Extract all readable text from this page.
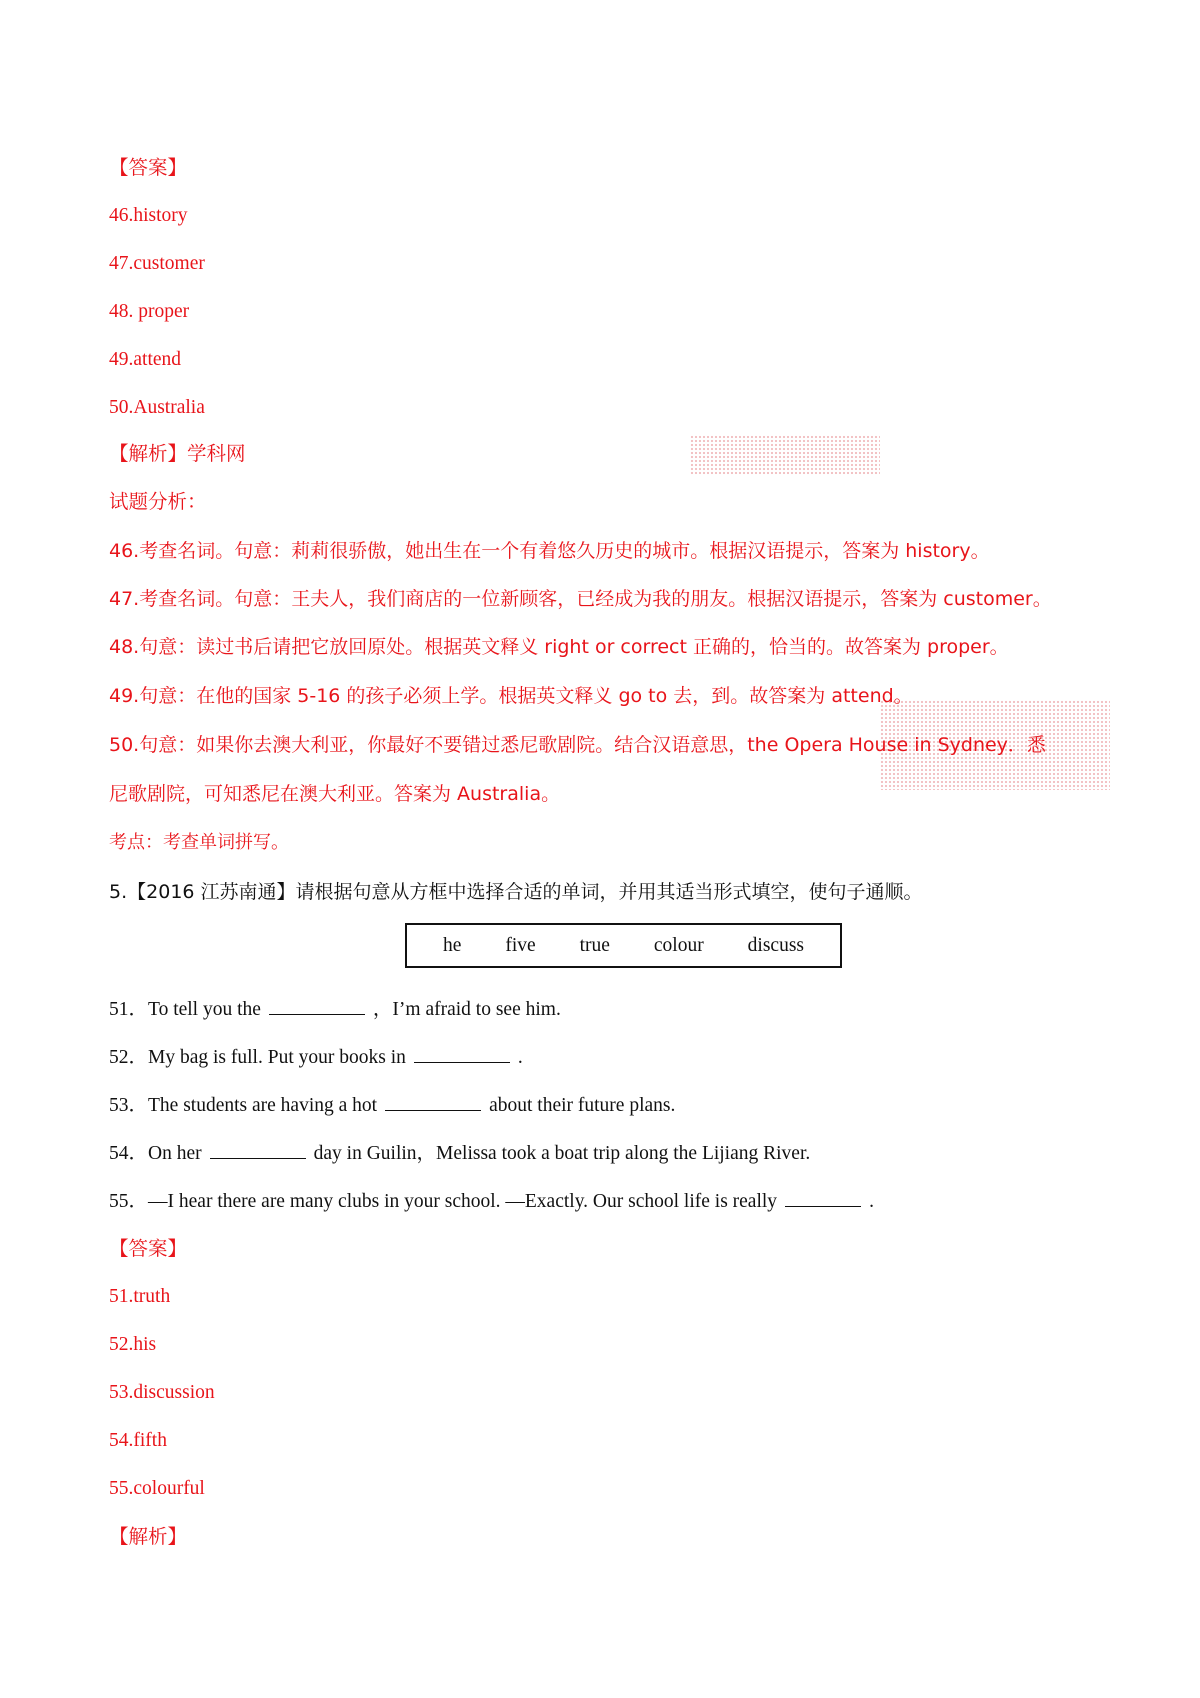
【答案】
46.history
47.customer
48. proper
49.attend
50.Australia
【解析】学科网
试题分析：
46.考查名词。句意：莉莉很骄傲，她出生在一个有着悠久历史的城市。根据汉语提示，答案为 history。
47.考查名词。句意：王夫人，我们商店的一位新顾客，已经成为我的朋友。根据汉语提示，答案为 customer。
48.句意：读过书后请把它放回原处。根据英文释义 right or correct 正确的，恰当的。故答案为 proper。
49.句意：在他的国家 5-16 的孩子必须上学。根据英文释义 go to 去，到。故答案为 attend。
50.句意：如果你去澳大利亚，你最好不要错过悉尼歌剧院。结合汉语意思，the Opera House in Sydney．悉
尼歌剧院，可知悉尼在澳大利亚。答案为 Australia。
考点：考查单词拼写。
5.【2016 江苏南通】请根据句意从方框中选择合适的单词，并用其适当形式填空，使句子通顺。
he five true colour discuss
51．To tell you the	，I’m afraid to see him.
52．My bag is full. Put your books in	.
53．The students are having a hot	about their future plans.
54．On her	day in Guilin，Melissa took a boat trip along the Lijiang River.
55．—I hear there are many clubs in your school. —Exactly. Our school life is really	.
【答案】
51.truth
52.his
53.discussion
54.fifth
55.colourful
【解析】
